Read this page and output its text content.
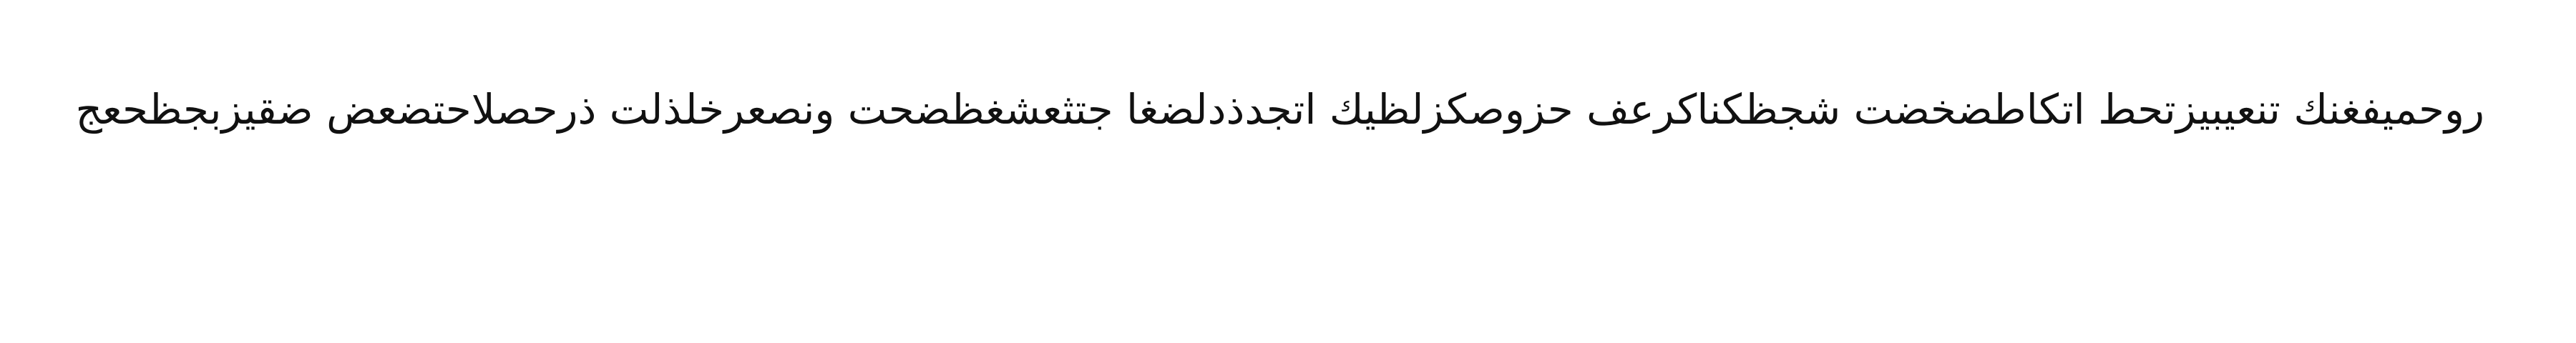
روحميفغنك تنعيبيزتحط اتكاطضخضت شجظكناكرعف حزوصكزلظيك اتجدذدلضغا جتثعشغظضحت ونصعرخلذلت ذرحصلاحتضعض ضقيزبجظحعج
